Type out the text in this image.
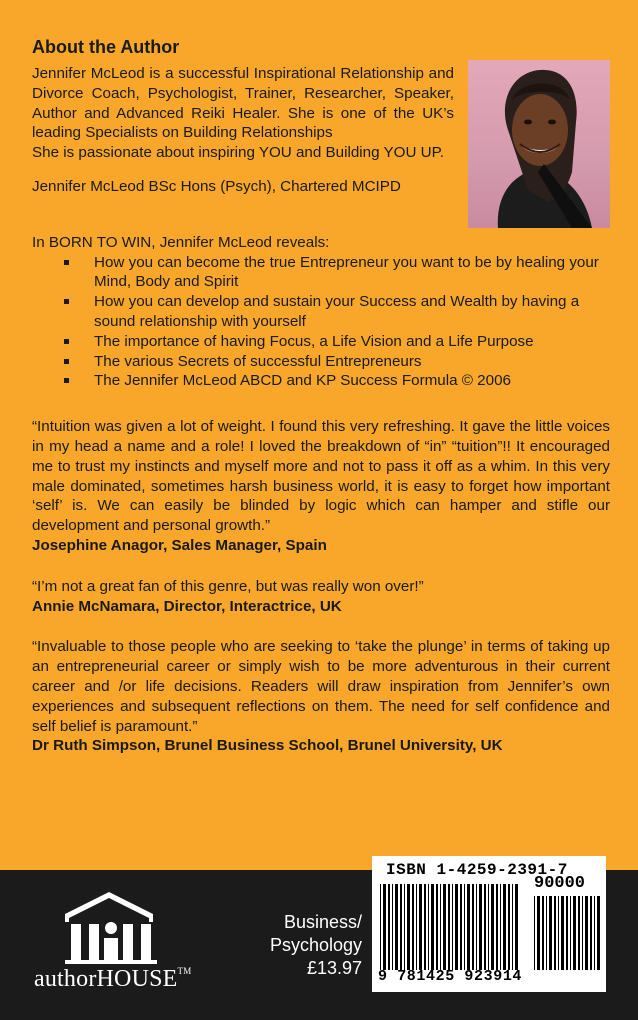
About the Author

Jennifer McLeod is a successful Inspirational Relationship and Divorce Coach, Psychologist, Trainer, Researcher, Speaker, Author and Advanced Reiki Healer. She is one of the UK’s leading Specialists on Building Relationships

She is passionate about inspiring YOU and Building YOU UP.

Jennifer McLeod BSc Hons (Psych), Chartered MCIPD

In BORN TO WIN, Jennifer McLeod reveals:

How you can become the true Entrepreneur you want to be by healing your Mind, Body and Spirit
How you can develop and sustain your Success and Wealth by having a sound relationship with yourself
The importance of having Focus, a Life Vision and a Life Purpose
The various Secrets of successful Entrepreneurs
The Jennifer McLeod ABCD and KP Success Formula © 2006

“Intuition was given a lot of weight. I found this very refreshing. It gave the little voices in my head a name and a role! I loved the breakdown of “in” “tuition”!! It encouraged me to trust my instincts and myself more and not to pass it off as a whim. In this very male dominated, sometimes harsh business world, it is easy to forget how important ‘self’ is. We can easily be blinded by logic which can hamper and stifle our development and personal growth.”

Josephine Anagor, Sales Manager, Spain

“I’m not a great fan of this genre, but was really won over!”

Annie McNamara, Director, Interactrice, UK

“Invaluable to those people who are seeking to ‘take the plunge’ in terms of taking up an entrepreneurial career or simply wish to be more adventurous in their current career and /or life decisions. Readers will draw inspiration from Jennifer’s own experiences and subsequent reflections on them. The need for self confidence and self belief is paramount.”

Dr Ruth Simpson, Brunel Business School, Brunel University, UK

authorHOUSE™
Business/
Psychology
£13.97
ISBN 1-4259-2391-7
90000
9 781425 923914
